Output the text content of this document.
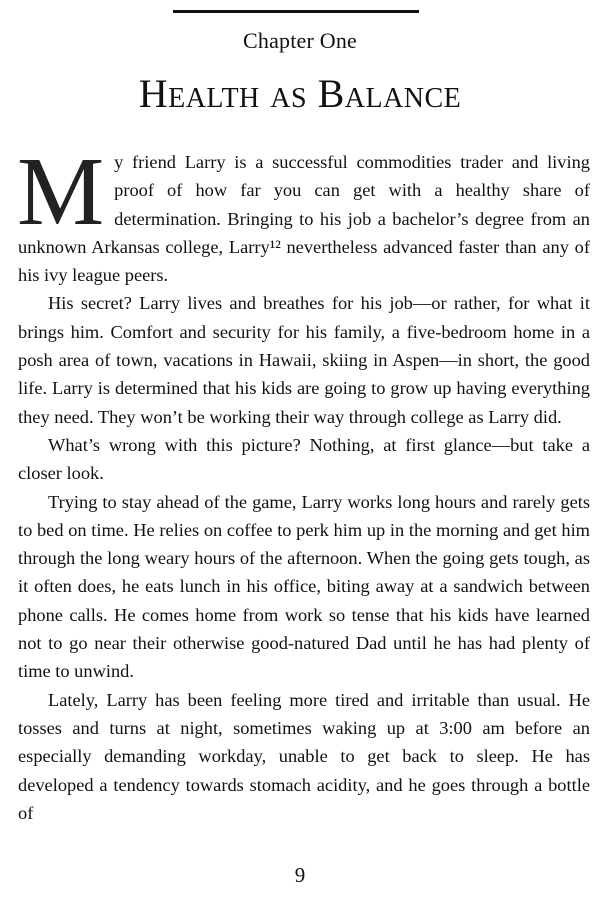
Chapter One
Health as Balance

My friend Larry is a successful commodities trader and living proof of how far you can get with a healthy share of determination. Bringing to his job a bachelor’s degree from an unknown Arkansas college, Larry¹² nevertheless advanced faster than any of his ivy league peers.

His secret? Larry lives and breathes for his job—or rather, for what it brings him. Comfort and security for his family, a five-bedroom home in a posh area of town, vacations in Hawaii, skiing in Aspen—in short, the good life. Larry is determined that his kids are going to grow up having everything they need. They won’t be working their way through college as Larry did.

What’s wrong with this picture? Nothing, at first glance—but take a closer look.

Trying to stay ahead of the game, Larry works long hours and rarely gets to bed on time. He relies on coffee to perk him up in the morning and get him through the long weary hours of the afternoon. When the going gets tough, as it often does, he eats lunch in his office, biting away at a sandwich between phone calls. He comes home from work so tense that his kids have learned not to go near their otherwise good-natured Dad until he has had plenty of time to unwind.

Lately, Larry has been feeling more tired and irritable than usual. He tosses and turns at night, sometimes waking up at 3:00 am before an especially demanding workday, unable to get back to sleep. He has developed a tendency towards stomach acidity, and he goes through a bottle of

9
